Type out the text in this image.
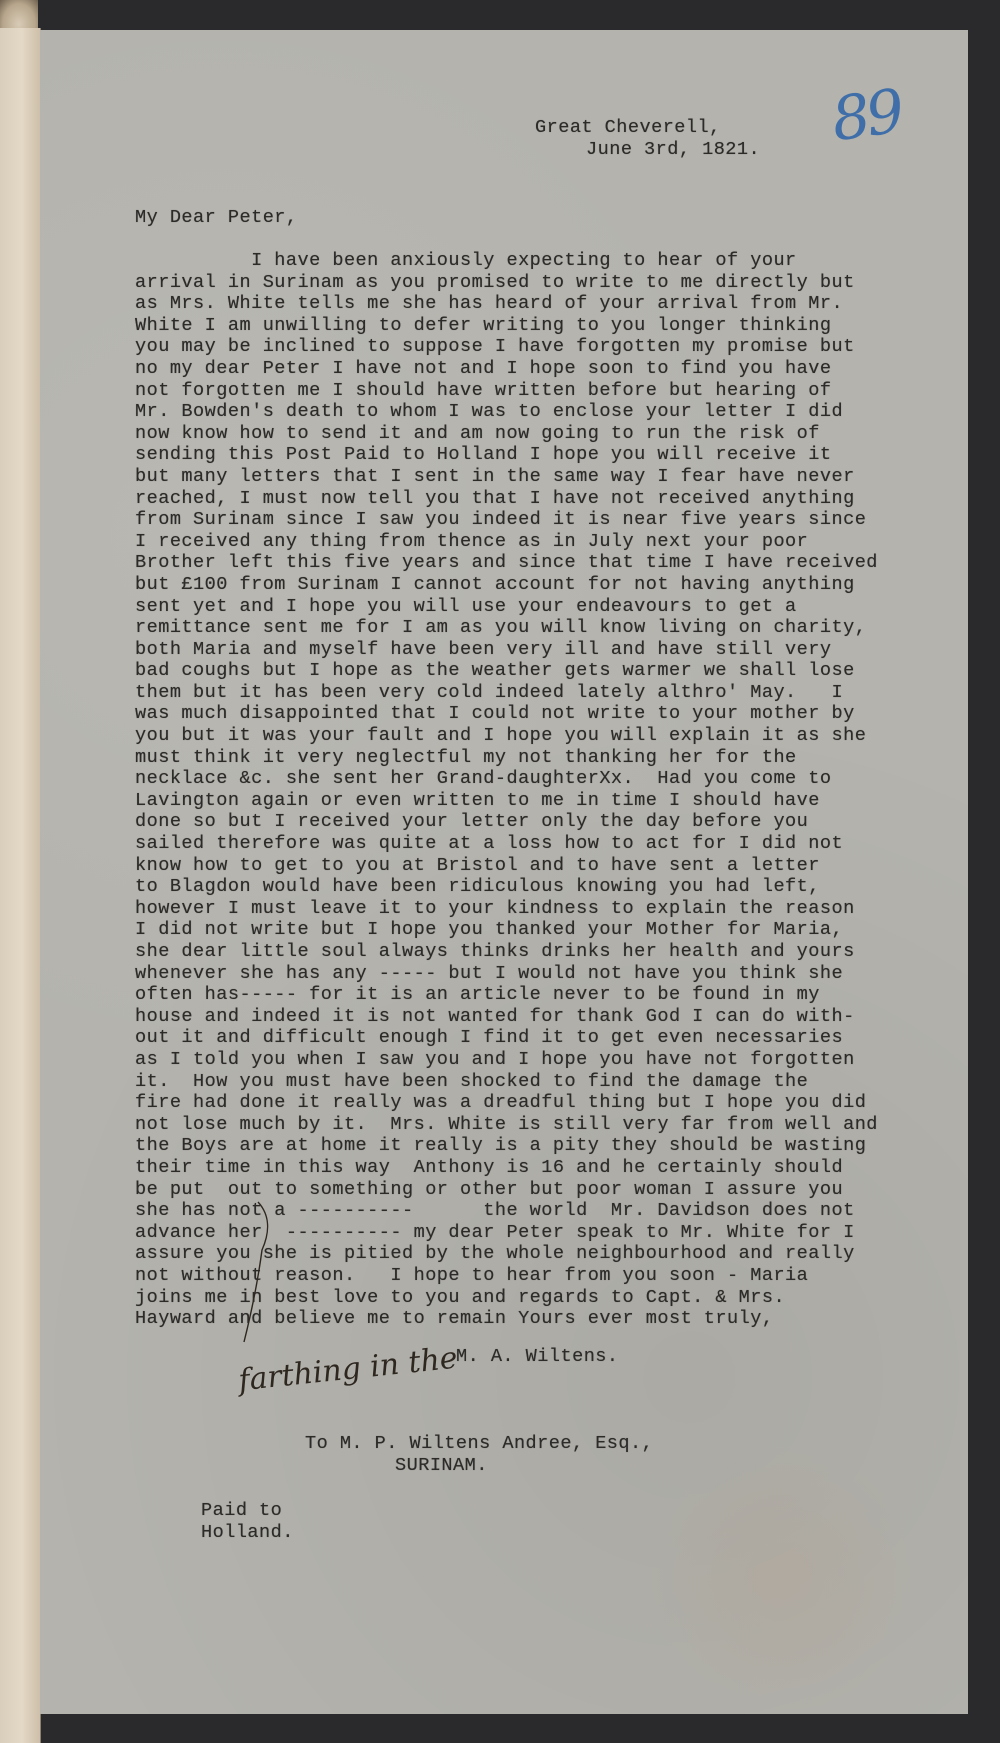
89
Great Cheverell,
June 3rd, 1821.
My Dear Peter,
I have been anxiously expecting to hear of your
arrival in Surinam as you promised to write to me directly but
as Mrs. White tells me she has heard of your arrival from Mr.
White I am unwilling to defer writing to you longer thinking
you may be inclined to suppose I have forgotten my promise but
no my dear Peter I have not and I hope soon to find you have
not forgotten me I should have written before but hearing of
Mr. Bowden's death to whom I was to enclose your letter I did
now know how to send it and am now going to run the risk of
sending this Post Paid to Holland I hope you will receive it
but many letters that I sent in the same way I fear have never
reached, I must now tell you that I have not received anything
from Surinam since I saw you indeed it is near five years since
I received any thing from thence as in July next your poor
Brother left this five years and since that time I have received
but £100 from Surinam I cannot account for not having anything
sent yet and I hope you will use your endeavours to get a
remittance sent me for I am as you will know living on charity,
both Maria and myself have been very ill and have still very
bad coughs but I hope as the weather gets warmer we shall lose
them but it has been very cold indeed lately althro' May.   I
was much disappointed that I could not write to your mother by
you but it was your fault and I hope you will explain it as she
must think it very neglectful my not thanking her for the
necklace &c. she sent her Grand-daughterXx.  Had you come to
Lavington again or even written to me in time I should have
done so but I received your letter only the day before you
sailed therefore was quite at a loss how to act for I did not
know how to get to you at Bristol and to have sent a letter
to Blagdon would have been ridiculous knowing you had left,
however I must leave it to your kindness to explain the reason
I did not write but I hope you thanked your Mother for Maria,
she dear little soul always thinks drinks her health and yours
whenever she has any ----- but I would not have you think she
often has----- for it is an article never to be found in my
house and indeed it is not wanted for thank God I can do with-
out it and difficult enough I find it to get even necessaries
as I told you when I saw you and I hope you have not forgotten
it.  How you must have been shocked to find the damage the
fire had done it really was a dreadful thing but I hope you did
not lose much by it.  Mrs. White is still very far from well and
the Boys are at home it really is a pity they should be wasting
their time in this way  Anthony is 16 and he certainly should
be put  out to something or other but poor woman I assure you
she has not a ----------      the world  Mr. Davidson does not
advance her  ---------- my dear Peter speak to Mr. White for I
assure you she is pitied by the whole neighbourhood and really
not without reason.   I hope to hear from you soon - Maria
joins me in best love to you and regards to Capt. & Mrs.
Hayward and believe me to remain Yours ever most truly,
farthing in the
M. A. Wiltens.
To M. P. Wiltens Andree, Esq.,
SURINAM.
Paid to
Holland.
